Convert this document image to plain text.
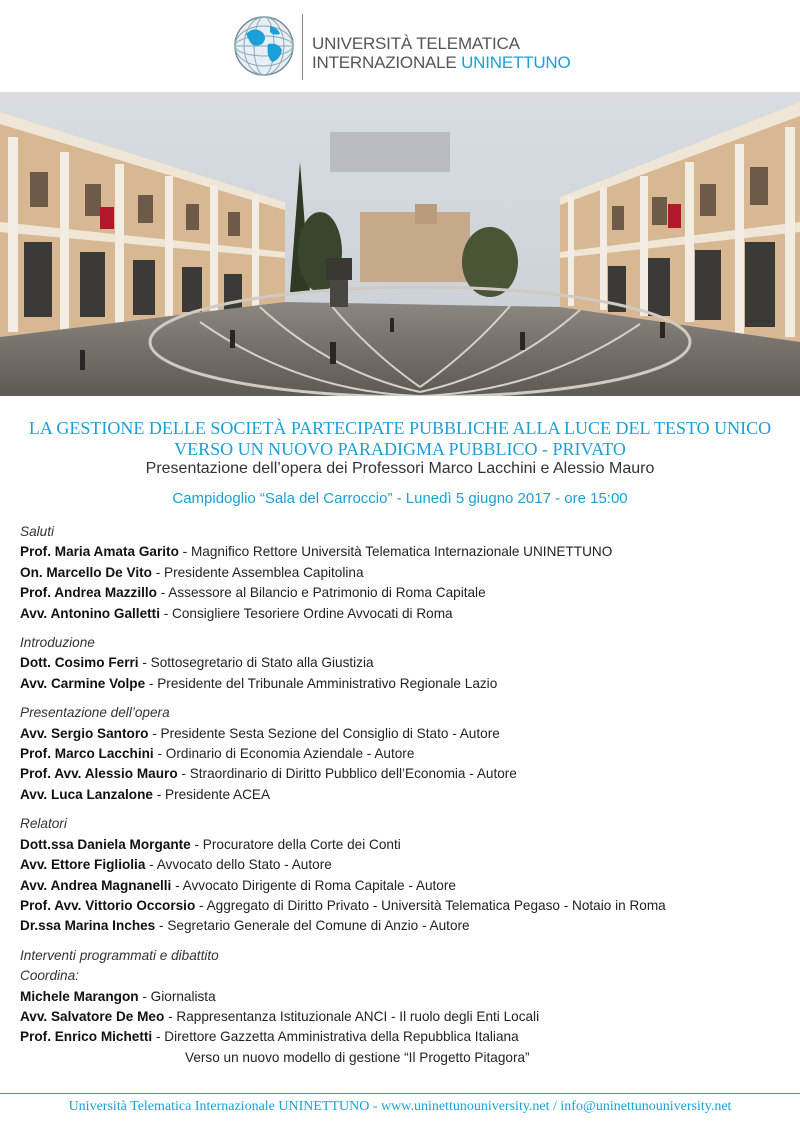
UNIVERSITÀ TELEMATICA
INTERNAZIONALE UNINETTUNO
LA GESTIONE DELLE SOCIETÀ PARTECIPATE PUBBLICHE ALLA LUCE DEL TESTO UNICO
VERSO UN NUOVO PARADIGMA PUBBLICO - PRIVATO
Presentazione dell’opera dei Professori Marco Lacchini e Alessio Mauro
Campidoglio “Sala del Carroccio” - Lunedì 5 giugno 2017 - ore 15:00
Saluti
Prof. Maria Amata Garito - Magnifico Rettore Università Telematica Internazionale UNINETTUNO
On. Marcello De Vito - Presidente Assemblea Capitolina
Prof. Andrea Mazzillo - Assessore al Bilancio e Patrimonio di Roma Capitale
Avv. Antonino Galletti - Consigliere Tesoriere Ordine Avvocati di Roma
Introduzione
Dott. Cosimo Ferri - Sottosegretario di Stato alla Giustizia
Avv. Carmine Volpe - Presidente del Tribunale Amministrativo Regionale Lazio
Presentazione dell’opera
Avv. Sergio Santoro - Presidente Sesta Sezione del Consiglio di Stato - Autore
Prof. Marco Lacchini - Ordinario di Economia Aziendale - Autore
Prof. Avv. Alessio Mauro - Straordinario di Diritto Pubblico dell’Economia - Autore
Avv. Luca Lanzalone - Presidente ACEA
Relatori
Dott.ssa Daniela Morgante - Procuratore della Corte dei Conti
Avv. Ettore Figliolia - Avvocato dello Stato - Autore
Avv. Andrea Magnanelli - Avvocato Dirigente di Roma Capitale - Autore
Prof. Avv. Vittorio Occorsio - Aggregato di Diritto Privato - Università Telematica Pegaso - Notaio in Roma
Dr.ssa Marina Inches - Segretario Generale del Comune di Anzio - Autore
Interventi programmati e dibattito
Coordina:
Michele Marangon - Giornalista
Avv. Salvatore De Meo - Rappresentanza Istituzionale ANCI - Il ruolo degli Enti Locali
Prof. Enrico Michetti - Direttore Gazzetta Amministrativa della Repubblica Italiana
Verso un nuovo modello di gestione “Il Progetto Pitagora”
Università Telematica Internazionale UNINETTUNO - www.uninettunouniversity.net / info@uninettunouniversity.net
